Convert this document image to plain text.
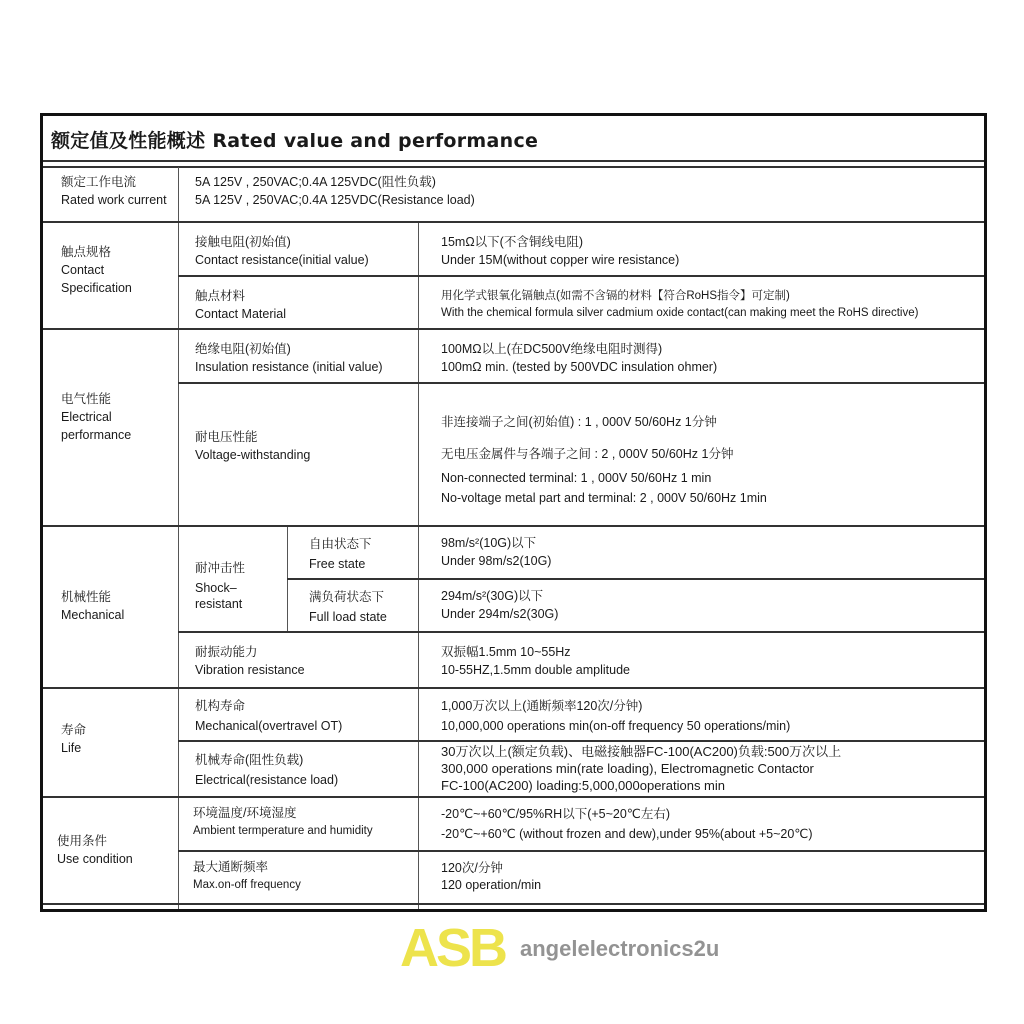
额定值及性能概述 Rated value and performance
额定工作电流
Rated work current
5A 125V , 250VAC;0.4A 125VDC(阻性负载)
5A 125V , 250VAC;0.4A 125VDC(Resistance load)
触点规格
Contact
Specification
接触电阻(初始值)
Contact resistance(initial value)
15mΩ以下(不含铜线电阻)
Under 15M(without copper wire resistance)
触点材料
Contact Material
用化学式银氧化镉触点(如需不含镉的材料【符合RoHS指令】可定制)
With the chemical formula silver cadmium oxide contact(can making meet the RoHS directive)
电气性能
Electrical
performance
绝缘电阻(初始值)
Insulation resistance (initial value)
100MΩ以上(在DC500V绝缘电阻时测得)
100mΩ min. (tested by 500VDC insulation ohmer)
耐电压性能
Voltage-withstanding
非连接端子之间(初始值) : 1 , 000V 50/60Hz 1分钟
无电压金属件与各端子之间 : 2 , 000V 50/60Hz 1分钟
Non-connected terminal: 1 , 000V 50/60Hz 1 min
No-voltage metal part and terminal: 2 , 000V 50/60Hz 1min
机械性能
Mechanical
耐冲击性
Shock–
resistant
自由状态下
Free state
98m/s²(10G)以下
Under 98m/s2(10G)
满负荷状态下
Full load state
294m/s²(30G)以下
Under 294m/s2(30G)
耐振动能力
Vibration resistance
双振幅1.5mm 10~55Hz
10-55HZ,1.5mm double amplitude
寿命
Life
机构寿命
Mechanical(overtravel OT)
1,000万次以上(通断频率120次/分钟)
10,000,000 operations min(on-off frequency 50 operations/min)
机械寿命(阻性负载)
Electrical(resistance load)
30万次以上(额定负载)、电磁接触器FC-100(AC200)负载:500万次以上
300,000 operations min(rate loading), Electromagnetic Contactor
FC-100(AC200) loading:5,000,000operations min
使用条件
Use condition
环境温度/环境湿度
Ambient termperature and humidity
-20℃~+60℃/95%RH以下(+5~20℃左右)
-20℃~+60℃ (without frozen and dew),under 95%(about +5~20℃)
最大通断频率
Max.on-off frequency
120次/分钟
120 operation/min
ASB angelelectronics2u
